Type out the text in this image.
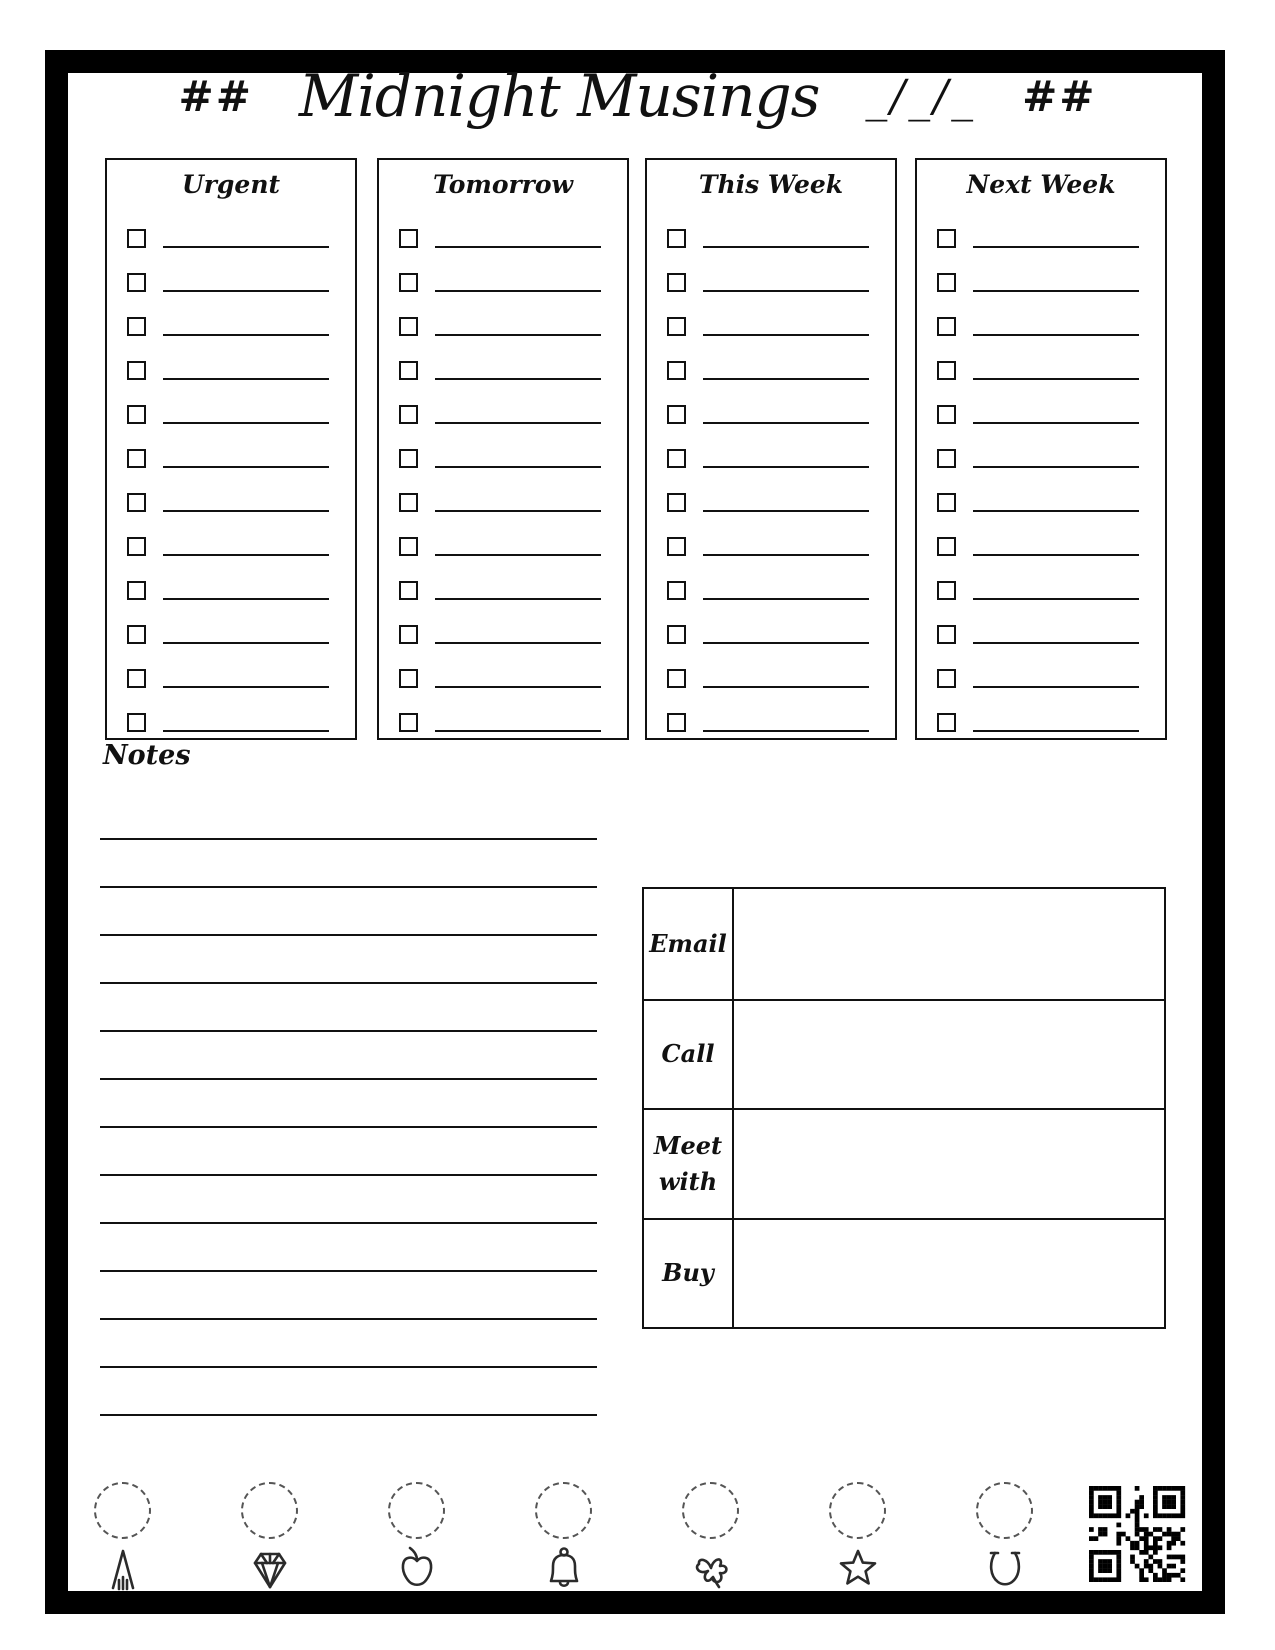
## Midnight Musings _/_/_ ##
Urgent	Tomorrow	This Week	Next Week
Notes
Email
Call
Meet with
Buy
